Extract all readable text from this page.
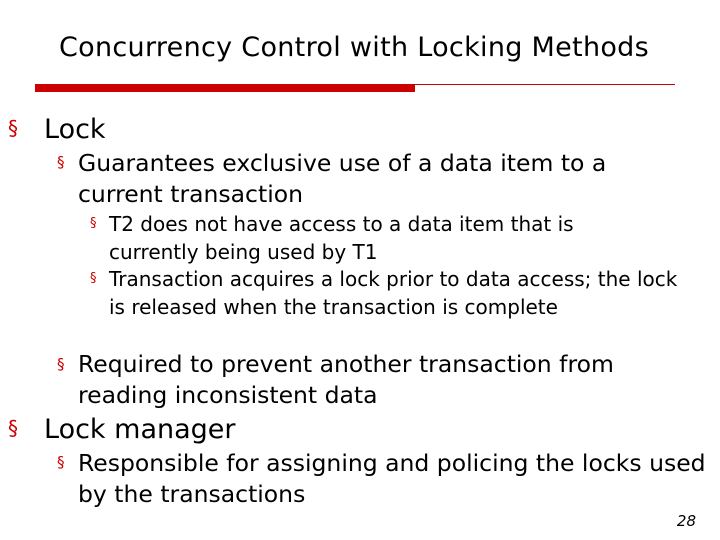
Concurrency Control with Locking Methods
§ Lock
§ Guarantees exclusive use of a data item to a current transaction
§ T2 does not have access to a data item that is currently being used by T1
§ Transaction acquires a lock prior to data access; the lock is released when the transaction is complete
§ Required to prevent another transaction from reading inconsistent data
§ Lock manager
§ Responsible for assigning and policing the locks used by the transactions
28
